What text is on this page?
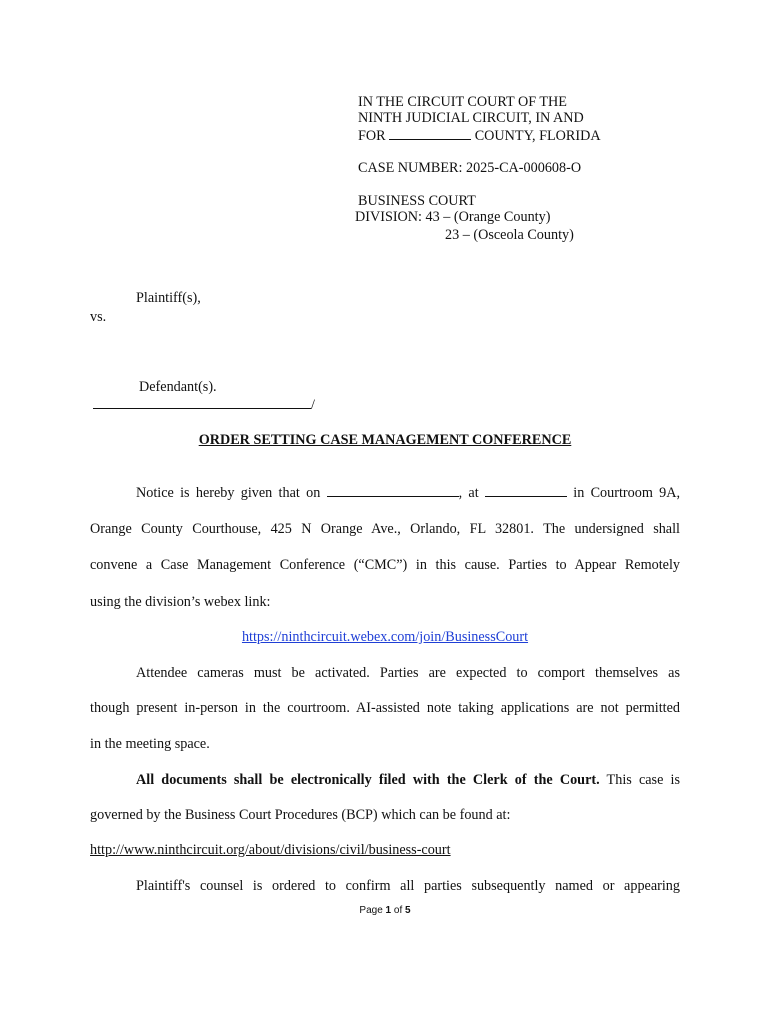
IN THE CIRCUIT COURT OF THE
NINTH JUDICIAL CIRCUIT, IN AND
FOR	COUNTY, FLORIDA
CASE NUMBER: 2025-CA-000608-O
BUSINESS COURT
DIVISION: 43 – (Orange County)
23 – (Osceola County)
Plaintiff(s),
vs.
Defendant(s).
/
ORDER SETTING CASE MANAGEMENT CONFERENCE
Notice is hereby given that on	, at	in Courtroom 9A,
Orange County Courthouse, 425 N Orange Ave., Orlando, FL 32801. The undersigned shall
convene a Case Management Conference (“CMC”) in this cause. Parties to Appear Remotely
using the division’s webex link:
https://ninthcircuit.webex.com/join/BusinessCourt
Attendee cameras must be activated. Parties are expected to comport themselves as
though present in-person in the courtroom. AI-assisted note taking applications are not permitted
in the meeting space.
All documents shall be electronically filed with the Clerk of the Court. This case is
governed by the Business Court Procedures (BCP) which can be found at:
http://www.ninthcircuit.org/about/divisions/civil/business-court
Plaintiff's counsel is ordered to confirm all parties subsequently named or appearing
Page 1 of 5
